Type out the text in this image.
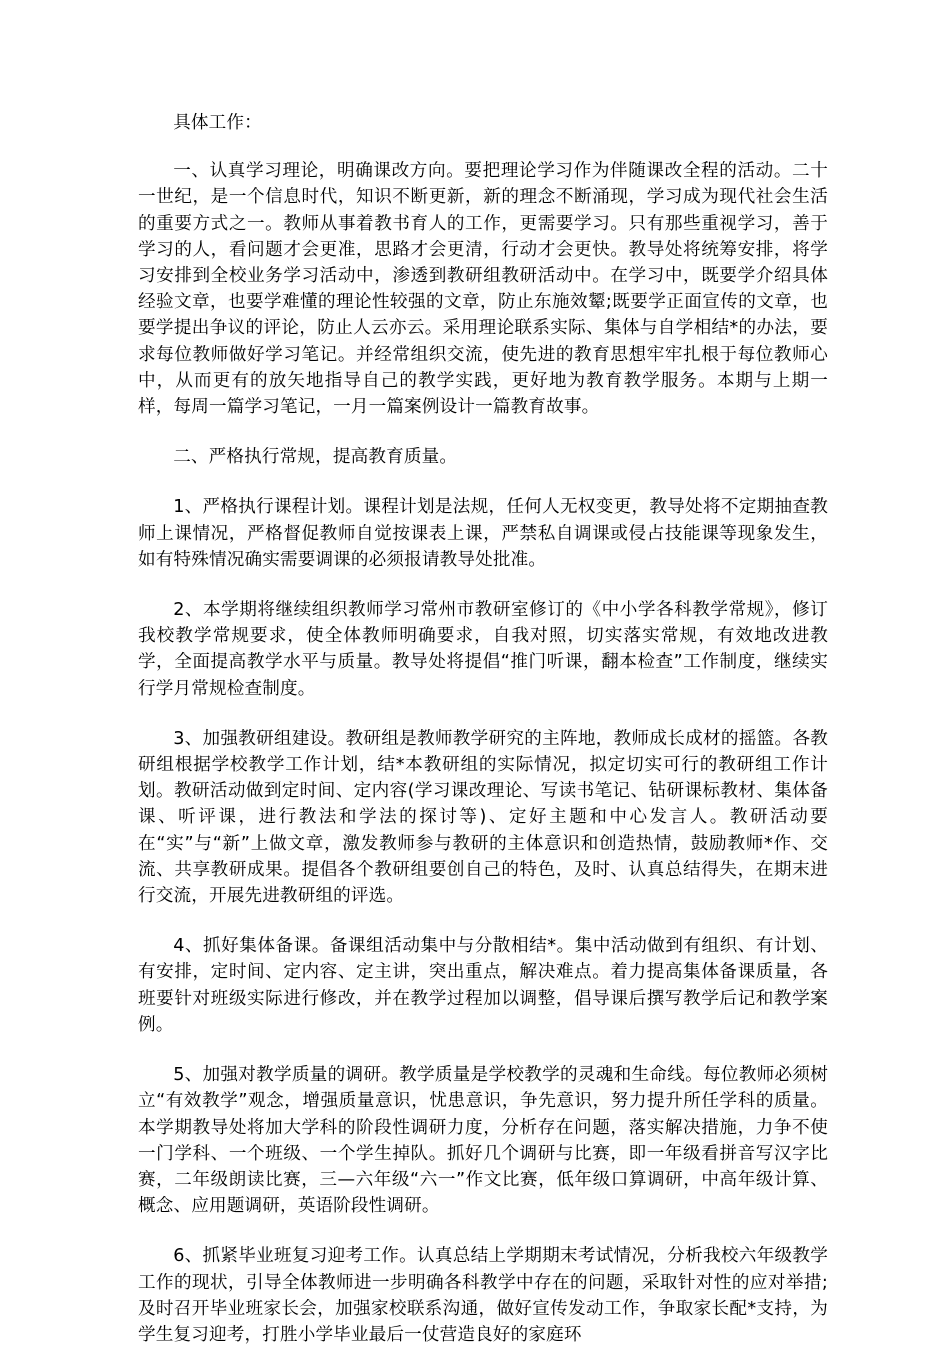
具体工作：

一、认真学习理论，明确课改方向。要把理论学习作为伴随课改全程的活动。二十一世纪，是一个信息时代，知识不断更新，新的理念不断涌现，学习成为现代社会生活的重要方式之一。教师从事着教书育人的工作，更需要学习。只有那些重视学习，善于学习的人，看问题才会更准，思路才会更清，行动才会更快。教导处将统筹安排，将学习安排到全校业务学习活动中，渗透到教研组教研活动中。在学习中，既要学介绍具体经验文章，也要学难懂的理论性较强的文章，防止东施效颦;既要学正面宣传的文章，也要学提出争议的评论，防止人云亦云。采用理论联系实际、集体与自学相结*的办法，要求每位教师做好学习笔记。并经常组织交流，使先进的教育思想牢牢扎根于每位教师心中，从而更有的放矢地指导自己的教学实践，更好地为教育教学服务。本期与上期一样，每周一篇学习笔记，一月一篇案例设计一篇教育故事。

二、严格执行常规，提高教育质量。

1、严格执行课程计划。课程计划是法规，任何人无权变更，教导处将不定期抽查教师上课情况，严格督促教师自觉按课表上课，严禁私自调课或侵占技能课等现象发生，如有特殊情况确实需要调课的必须报请教导处批准。

2、本学期将继续组织教师学习常州市教研室修订的《中小学各科教学常规》，修订我校教学常规要求，使全体教师明确要求，自我对照，切实落实常规，有效地改进教学，全面提高教学水平与质量。教导处将提倡“推门听课，翻本检查”工作制度，继续实行学月常规检查制度。

3、加强教研组建设。教研组是教师教学研究的主阵地，教师成长成材的摇篮。各教研组根据学校教学工作计划，结*本教研组的实际情况，拟定切实可行的教研组工作计划。教研活动做到定时间、定内容(学习课改理论、写读书笔记、钻研课标教材、集体备课、听评课，进行教法和学法的探讨等)、定好主题和中心发言人。教研活动要在“实”与“新”上做文章，激发教师参与教研的主体意识和创造热情，鼓励教师*作、交流、共享教研成果。提倡各个教研组要创自己的特色，及时、认真总结得失，在期末进行交流，开展先进教研组的评选。

4、抓好集体备课。备课组活动集中与分散相结*。集中活动做到有组织、有计划、有安排，定时间、定内容、定主讲，突出重点，解决难点。着力提高集体备课质量，各班要针对班级实际进行修改，并在教学过程加以调整，倡导课后撰写教学后记和教学案例。

5、加强对教学质量的调研。教学质量是学校教学的灵魂和生命线。每位教师必须树立“有效教学”观念，增强质量意识，忧患意识，争先意识，努力提升所任学科的质量。本学期教导处将加大学科的阶段性调研力度，分析存在问题，落实解决措施，力争不使一门学科、一个班级、一个学生掉队。抓好几个调研与比赛，即一年级看拼音写汉字比赛，二年级朗读比赛，三—六年级“六一”作文比赛，低年级口算调研，中高年级计算、概念、应用题调研，英语阶段性调研。

6、抓紧毕业班复习迎考工作。认真总结上学期期末考试情况，分析我校六年级教学工作的现状，引导全体教师进一步明确各科教学中存在的问题，采取针对性的应对举措;及时召开毕业班家长会，加强家校联系沟通，做好宣传发动工作，争取家长配*支持，为学生复习迎考，打胜小学毕业最后一仗营造良好的家庭环
